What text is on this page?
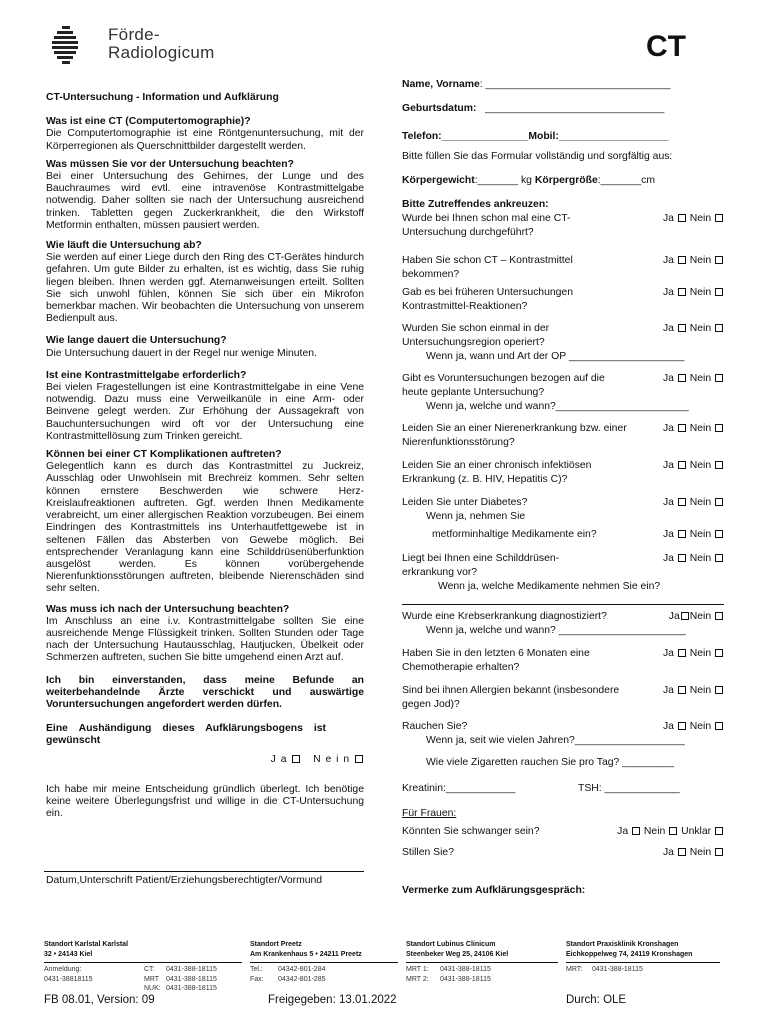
Förde-
Radiologicum	CT
CT-Untersuchung - Information und Aufklärung
Was ist eine CT (Computertomographie)?

Die Computertomographie ist eine Röntgenuntersuchung, mit der Körperregionen als Querschnittbilder dargestellt werden.

Was müssen Sie vor der Untersuchung beachten?

Bei einer Untersuchung des Gehirnes, der Lunge und des Bauchraumes wird evtl. eine intravenöse Kontrastmittelgabe notwendig. Daher sollten sie nach der Untersuchung ausreichend trinken. Tabletten gegen Zuckerkrankheit, die den Wirkstoff Metformin enthalten, müssen pausiert werden.

Wie läuft die Untersuchung ab?

Sie werden auf einer Liege durch den Ring des CT-Gerätes hindurch gefahren. Um gute Bilder zu erhalten, ist es wichtig, dass Sie ruhig liegen bleiben. Ihnen werden ggf. Atemanweisungen erteilt. Sollten Sie sich unwohl fühlen, können Sie sich über ein Mikrofon bemerkbar machen. Wir beobachten die Untersuchung von unserem Bedienpult aus.

Wie lange dauert die Untersuchung?

Die Untersuchung dauert in der Regel nur wenige Minuten.

Ist eine Kontrastmittelgabe erforderlich?

Bei vielen Fragestellungen ist eine Kontrastmittelgabe in eine Vene notwendig. Dazu muss eine Verweilkanüle in eine Arm- oder Beinvene gelegt werden. Zur Erhöhung der Aussagekraft von Bauchuntersuchungen wird oft vor der Untersuchung eine Kontrastmittellösung zum Trinken gereicht.

Können bei einer CT Komplikationen auftreten?

Gelegentlich kann es durch das Kontrastmittel zu Juckreiz, Ausschlag oder Unwohlsein mit Brechreiz kommen. Sehr selten können ernstere Beschwerden wie schwere Herz-Kreislaufreaktionen auftreten. Ggf. werden Ihnen Medikamente verabreicht, um einer allergischen Reaktion vorzubeugen. Bei einem Eindringen des Kontrastmittels ins Unterhautfettgewebe ist in seltenen Fällen das Absterben von Gewebe möglich. Bei entsprechender Veranlagung kann eine Schilddrüsenüberfunktion ausgelöst werden. Es können vorübergehende Nierenfunktionsstörungen auftreten, bleibende Nierenschäden sind sehr selten.

Was muss ich nach der Untersuchung beachten?

Im Anschluss an eine i.v. Kontrastmittelgabe sollten Sie eine ausreichende Menge Flüssigkeit trinken. Sollten Stunden oder Tage nach der Untersuchung Hautausschlag, Hautjucken, Übelkeit oder Schmerzen auftreten, suchen Sie bitte umgehend einen Arzt auf.

Ich bin einverstanden, dass meine Befunde an weiterbehandelnde Ärzte verschickt und auswärtige Voruntersuchungen angefordert werden dürfen.

Eine Aushändigung dieses Aufklärungsbogens ist gewünscht

J a N e i n

Ich habe mir meine Entscheidung gründlich überlegt. Ich benötige keine weitere Überlegungsfrist und willige in die CT-Untersuchung ein.

Datum,Unterschrift Patient/Erziehungsberechtigter/Vormund
Name, Vorname: ________________________________
Geburtsdatum: _______________________________
Telefon:_______________Mobil:___________________
Bitte füllen Sie das Formular vollständig und sorgfältig aus:
Körpergewicht:_______ kg Körpergröße:_______cm
Bitte Zutreffendes ankreuzen:
Wurde bei Ihnen schon mal eine CT-Untersuchung durchgeführt?
Ja Nein
Haben Sie schon CT – Kontrastmittel bekommen?
Ja Nein
Gab es bei früheren Untersuchungen Kontrastmittel-Reaktionen?
Ja Nein
Wurden Sie schon einmal in der Untersuchungsregion operiert?
Ja Nein
Wenn ja, wann und Art der OP ____________________
Gibt es Voruntersuchungen bezogen auf die heute geplante Untersuchung?
Ja Nein
Wenn ja, welche und wann?_______________________
Leiden Sie an einer Nierenerkrankung bzw. einer Nierenfunktionsstörung?
Ja Nein
Leiden Sie an einer chronisch infektiösen Erkrankung (z. B. HIV, Hepatitis C)?
Ja Nein
Leiden Sie unter Diabetes?	Ja Nein
Wenn ja, nehmen Sie
metforminhaltige Medikamente ein?	Ja Nein
Liegt bei Ihnen eine Schilddrüsen-erkrankung vor?
Ja Nein
Wenn ja, welche Medikamente nehmen Sie ein?
Wurde eine Krebserkrankung diagnostiziert?	Ja Nein
Wenn ja, welche und wann? ______________________
Haben Sie in den letzten 6 Monaten eine Chemotherapie erhalten?
Ja Nein
Sind bei ihnen Allergien bekannt (insbesondere gegen Jod)?
Ja Nein
Rauchen Sie?	Ja Nein
Wenn ja, seit wie vielen Jahren?___________________
Wie viele Zigaretten rauchen Sie pro Tag? _________
Kreatinin:____________	TSH: _____________
Für Frauen:
Könnten Sie schwanger sein?	Ja Nein Unklar
Stillen Sie?	Ja Nein
Vermerke zum Aufklärungsgespräch:
Standort Karlstal Karlstal
32 • 24143 Kiel
Anmeldung:	CT: 0431-388-18115
0431-38818115	MRT 0431-388-18115
NUK: 0431-388-18115
Standort Preetz
Am Krankenhaus 5 • 24211 Preetz
Tel.: 04342-801-284
Fax: 04342-801-285
Standort Lubinus Clinicum
Steenbeker Weg 25, 24106 Kiel
MRT 1: 0431-388-18115
MRT 2: 0431-388-18115
Standort Praxisklinik Kronshagen
Eichkoppelweg 74, 24119 Kronshagen
MRT: 0431-388-18115
FB 08.01, Version: 09	Freigegeben: 13.01.2022	Durch: OLE
